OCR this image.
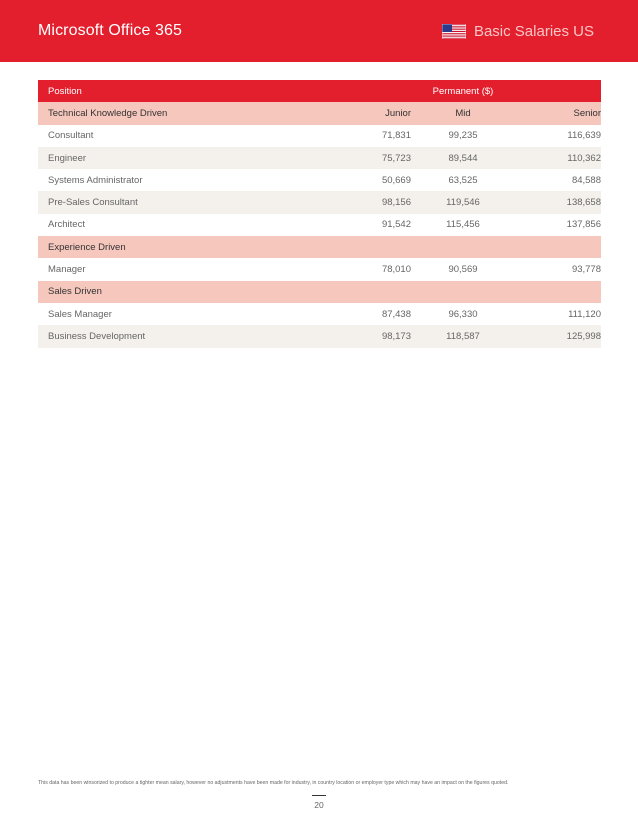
Microsoft Office 365	Basic Salaries US
Position		Permanent ($)	
Technical Knowledge Driven	Junior	Mid	Senior
Consultant	71,831	99,235	116,639
Engineer	75,723	89,544	110,362
Systems Administrator	50,669	63,525	84,588
Pre-Sales Consultant	98,156	119,546	138,658
Architect	91,542	115,456	137,856
Experience Driven			
Manager	78,010	90,569	93,778
Sales Driven			
Sales Manager	87,438	96,330	111,120
Business Development	98,173	118,587	125,998
This data has been winsorized to produce a tighter mean salary, however no adjustments have been made for industry, in country location or employer type which may have an impact on the figures quoted.
20
